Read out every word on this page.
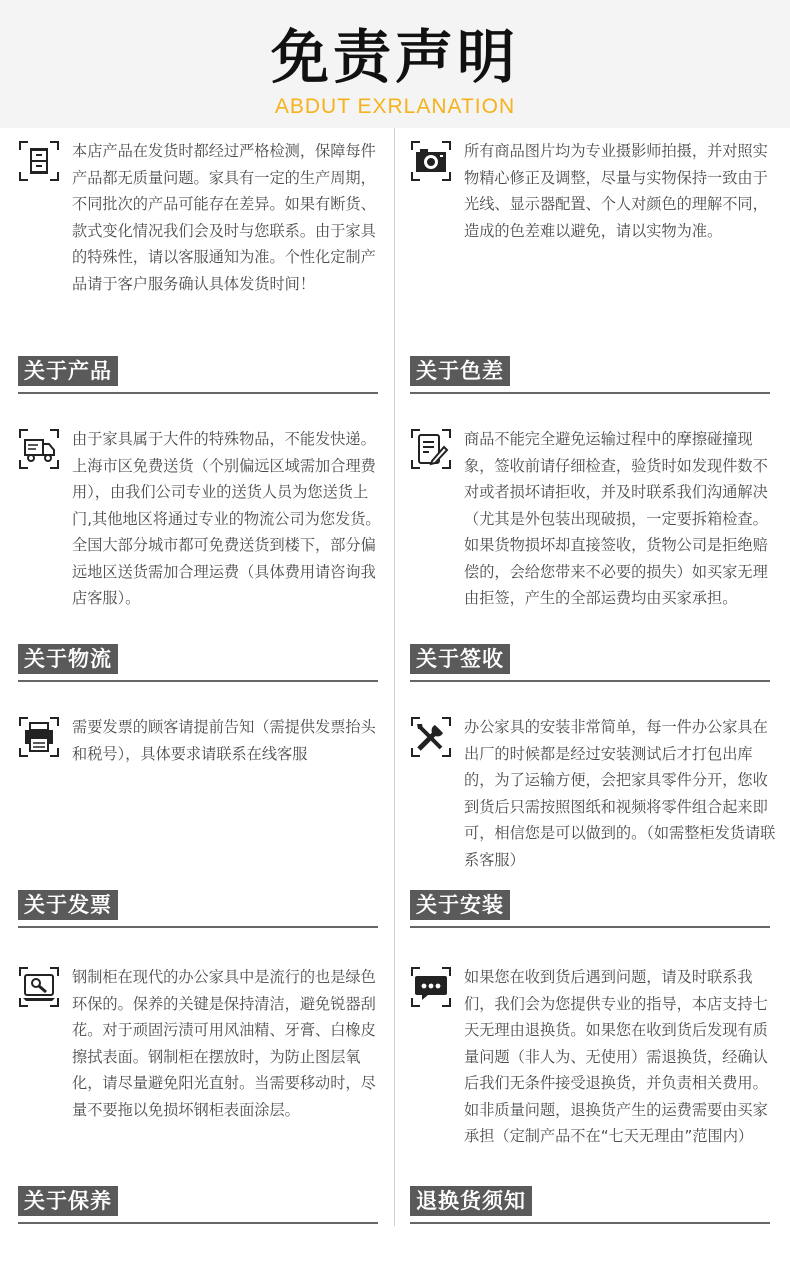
免责声明
ABDUT EXRLANATION
本店产品在发货时都经过严格检测，保障每件产品都无质量问题。家具有一定的生产周期，不同批次的产品可能存在差异。如果有断货、款式变化情况我们会及时与您联系。由于家具的特殊性，请以客服通知为准。个性化定制产品请于客户服务确认具体发货时间！
关于产品
所有商品图片均为专业摄影师拍摄，并对照实物精心修正及调整，尽量与实物保持一致由于光线、显示器配置、个人对颜色的理解不同，造成的色差难以避免，请以实物为准。
关于色差
由于家具属于大件的特殊物品，不能发快递。上海市区免费送货（个别偏远区域需加合理费用），由我们公司专业的送货人员为您送货上门,其他地区将通过专业的物流公司为您发货。全国大部分城市都可免费送货到楼下，部分偏远地区送货需加合理运费（具体费用请咨询我店客服）。
关于物流
商品不能完全避免运输过程中的摩擦碰撞现象，签收前请仔细检查，验货时如发现件数不对或者损坏请拒收，并及时联系我们沟通解决（尤其是外包装出现破损，一定要拆箱检查。如果货物损坏却直接签收，货物公司是拒绝赔偿的，会给您带来不必要的损失）如买家无理由拒签，产生的全部运费均由买家承担。
关于签收
需要发票的顾客请提前告知（需提供发票抬头和税号），具体要求请联系在线客服
关于发票
办公家具的安装非常简单，每一件办公家具在出厂的时候都是经过安装测试后才打包出库的，为了运输方便，会把家具零件分开，您收到货后只需按照图纸和视频将零件组合起来即可，相信您是可以做到的。（如需整柜发货请联系客服）
关于安装
钢制柜在现代的办公家具中是流行的也是绿色环保的。保养的关键是保持清洁，避免锐器刮花。对于顽固污渍可用风油精、牙膏、白橡皮擦拭表面。钢制柜在摆放时，为防止图层氧化，请尽量避免阳光直射。当需要移动时，尽量不要拖以免损坏钢柜表面涂层。
关于保养
如果您在收到货后遇到问题，请及时联系我们，我们会为您提供专业的指导，本店支持七天无理由退换货。如果您在收到货后发现有质量问题（非人为、无使用）需退换货，经确认后我们无条件接受退换货，并负责相关费用。如非质量问题，退换货产生的运费需要由买家承担（定制产品不在“七天无理由”范围内）
退换货须知
